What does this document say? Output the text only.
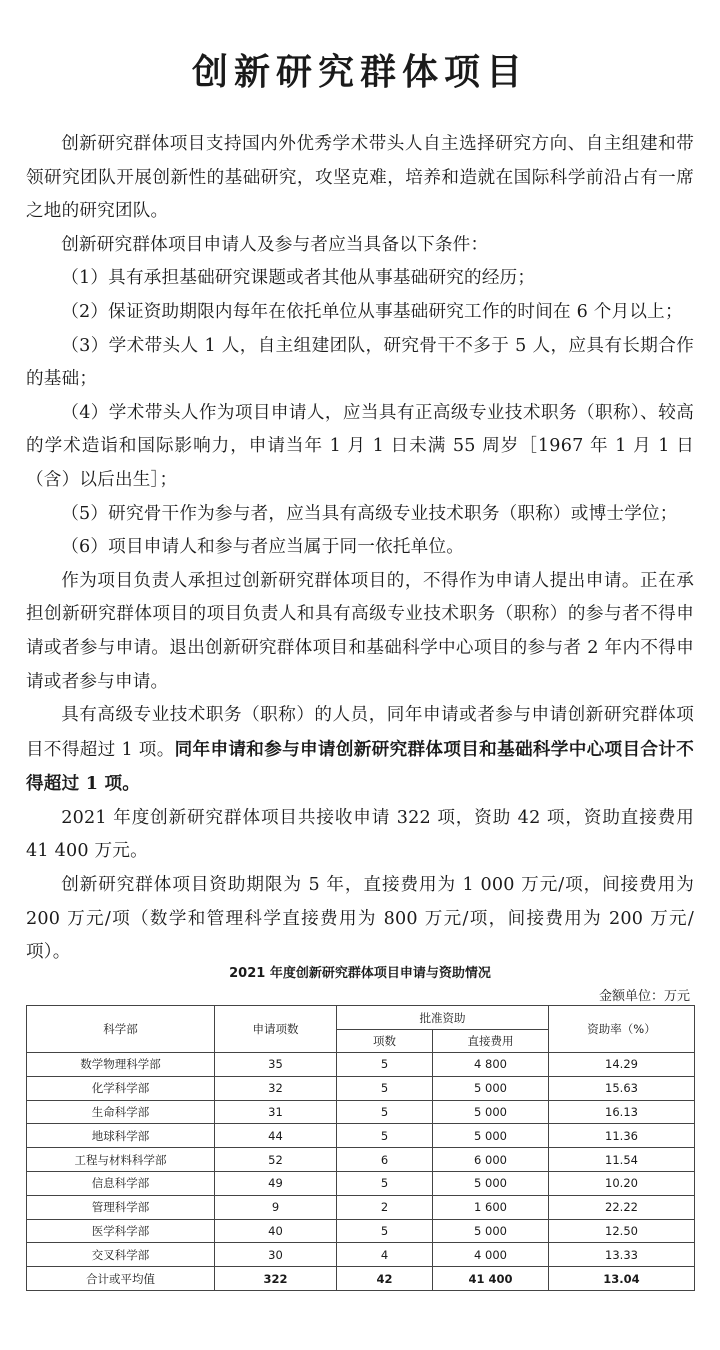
创新研究群体项目

创新研究群体项目支持国内外优秀学术带头人自主选择研究方向、自主组建和带领研究团队开展创新性的基础研究，攻坚克难，培养和造就在国际科学前沿占有一席之地的研究团队。

创新研究群体项目申请人及参与者应当具备以下条件：

（1）具有承担基础研究课题或者其他从事基础研究的经历；

（2）保证资助期限内每年在依托单位从事基础研究工作的时间在 6 个月以上；

（3）学术带头人 1 人，自主组建团队，研究骨干不多于 5 人，应具有长期合作的基础；

（4）学术带头人作为项目申请人，应当具有正高级专业技术职务（职称）、较高的学术造诣和国际影响力，申请当年 1 月 1 日未满 55 周岁［1967 年 1 月 1 日（含）以后出生］；

（5）研究骨干作为参与者，应当具有高级专业技术职务（职称）或博士学位；

（6）项目申请人和参与者应当属于同一依托单位。

作为项目负责人承担过创新研究群体项目的，不得作为申请人提出申请。正在承担创新研究群体项目的项目负责人和具有高级专业技术职务（职称）的参与者不得申请或者参与申请。退出创新研究群体项目和基础科学中心项目的参与者 2 年内不得申请或者参与申请。

具有高级专业技术职务（职称）的人员，同年申请或者参与申请创新研究群体项目不得超过 1 项。同年申请和参与申请创新研究群体项目和基础科学中心项目合计不得超过 1 项。

2021 年度创新研究群体项目共接收申请 322 项，资助 42 项，资助直接费用 41 400 万元。

创新研究群体项目资助期限为 5 年，直接费用为 1 000 万元/项，间接费用为 200 万元/项（数学和管理科学直接费用为 800 万元/项，间接费用为 200 万元/项）。

2021 年度创新研究群体项目申请与资助情况
金额单位：万元
科学部	申请项数	批准资助		资助率（%）
		项数	直接费用	
数学物理科学部	35	5	4 800	14.29
化学科学部	32	5	5 000	15.63
生命科学部	31	5	5 000	16.13
地球科学部	44	5	5 000	11.36
工程与材料科学部	52	6	6 000	11.54
信息科学部	49	5	5 000	10.20
管理科学部	9	2	1 600	22.22
医学科学部	40	5	5 000	12.50
交叉科学部	30	4	4 000	13.33
合计或平均值	322	42	41 400	13.04
